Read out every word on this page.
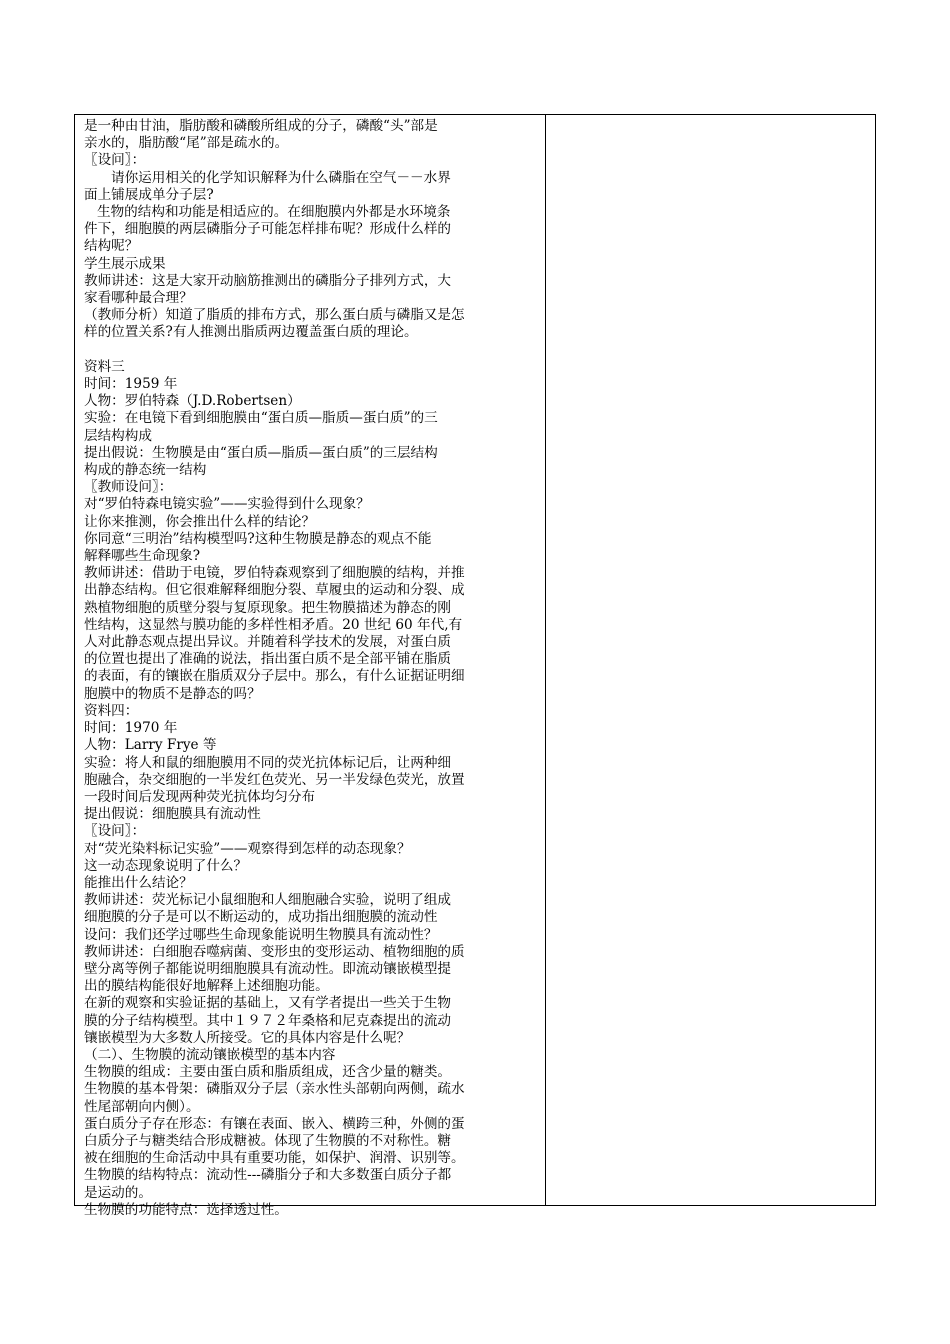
是一种由甘油，脂肪酸和磷酸所组成的分子，磷酸“头”部是
亲水的，脂肪酸“尾”部是疏水的。
〖设问〗：
请你运用相关的化学知识解释为什么磷脂在空气－－水界
面上铺展成单分子层?
生物的结构和功能是相适应的。在细胞膜内外都是水环境条
件下，细胞膜的两层磷脂分子可能怎样排布呢？形成什么样的
结构呢？
学生展示成果
教师讲述：这是大家开动脑筋推测出的磷脂分子排列方式，大
家看哪种最合理？
（教师分析）知道了脂质的排布方式，那么蛋白质与磷脂又是怎
样的位置关系?有人推测出脂质两边覆盖蛋白质的理论。
资料三
时间：1959 年
人物：罗伯特森（J.D.Robertsen）
实验：在电镜下看到细胞膜由“蛋白质—脂质—蛋白质”的三
层结构构成
提出假说：生物膜是由“蛋白质—脂质—蛋白质”的三层结构
构成的静态统一结构
〖教师设问〗：
对“罗伯特森电镜实验”——实验得到什么现象？
让你来推测，你会推出什么样的结论？
你同意“三明治”结构模型吗?这种生物膜是静态的观点不能
解释哪些生命现象?
教师讲述：借助于电镜，罗伯特森观察到了细胞膜的结构，并推
出静态结构。但它很难解释细胞分裂、草履虫的运动和分裂、成
熟植物细胞的质壁分裂与复原现象。把生物膜描述为静态的刚
性结构，这显然与膜功能的多样性相矛盾。20 世纪 60 年代,有
人对此静态观点提出异议。并随着科学技术的发展，对蛋白质
的位置也提出了准确的说法，指出蛋白质不是全部平铺在脂质
的表面，有的镶嵌在脂质双分子层中。那么，有什么证据证明细
胞膜中的物质不是静态的吗？
资料四：
时间：1970 年
人物：Larry Frye 等
实验：将人和鼠的细胞膜用不同的荧光抗体标记后，让两种细
胞融合，杂交细胞的一半发红色荧光、另一半发绿色荧光，放置
一段时间后发现两种荧光抗体均匀分布
提出假说：细胞膜具有流动性
〖设问〗：
对“荧光染料标记实验”——观察得到怎样的动态现象？
这一动态现象说明了什么？
能推出什么结论？
教师讲述：荧光标记小鼠细胞和人细胞融合实验，说明了组成
细胞膜的分子是可以不断运动的，成功指出细胞膜的流动性
设问：我们还学过哪些生命现象能说明生物膜具有流动性？
教师讲述：白细胞吞噬病菌、变形虫的变形运动、植物细胞的质
壁分离等例子都能说明细胞膜具有流动性。即流动镶嵌模型提
出的膜结构能很好地解释上述细胞功能。
在新的观察和实验证据的基础上，又有学者提出一些关于生物
膜的分子结构模型。其中１９７２年桑格和尼克森提出的流动
镶嵌模型为大多数人所接受。它的具体内容是什么呢？
（二）、生物膜的流动镶嵌模型的基本内容
生物膜的组成：主要由蛋白质和脂质组成，还含少量的糖类。
生物膜的基本骨架：磷脂双分子层（亲水性头部朝向两侧，疏水
性尾部朝向内侧）。
蛋白质分子存在形态：有镶在表面、嵌入、横跨三种，外侧的蛋
白质分子与糖类结合形成糖被。体现了生物膜的不对称性。糖
被在细胞的生命活动中具有重要功能，如保护、润滑、识别等。
生物膜的结构特点：流动性---磷脂分子和大多数蛋白质分子都
是运动的。
生物膜的功能特点：选择透过性。
